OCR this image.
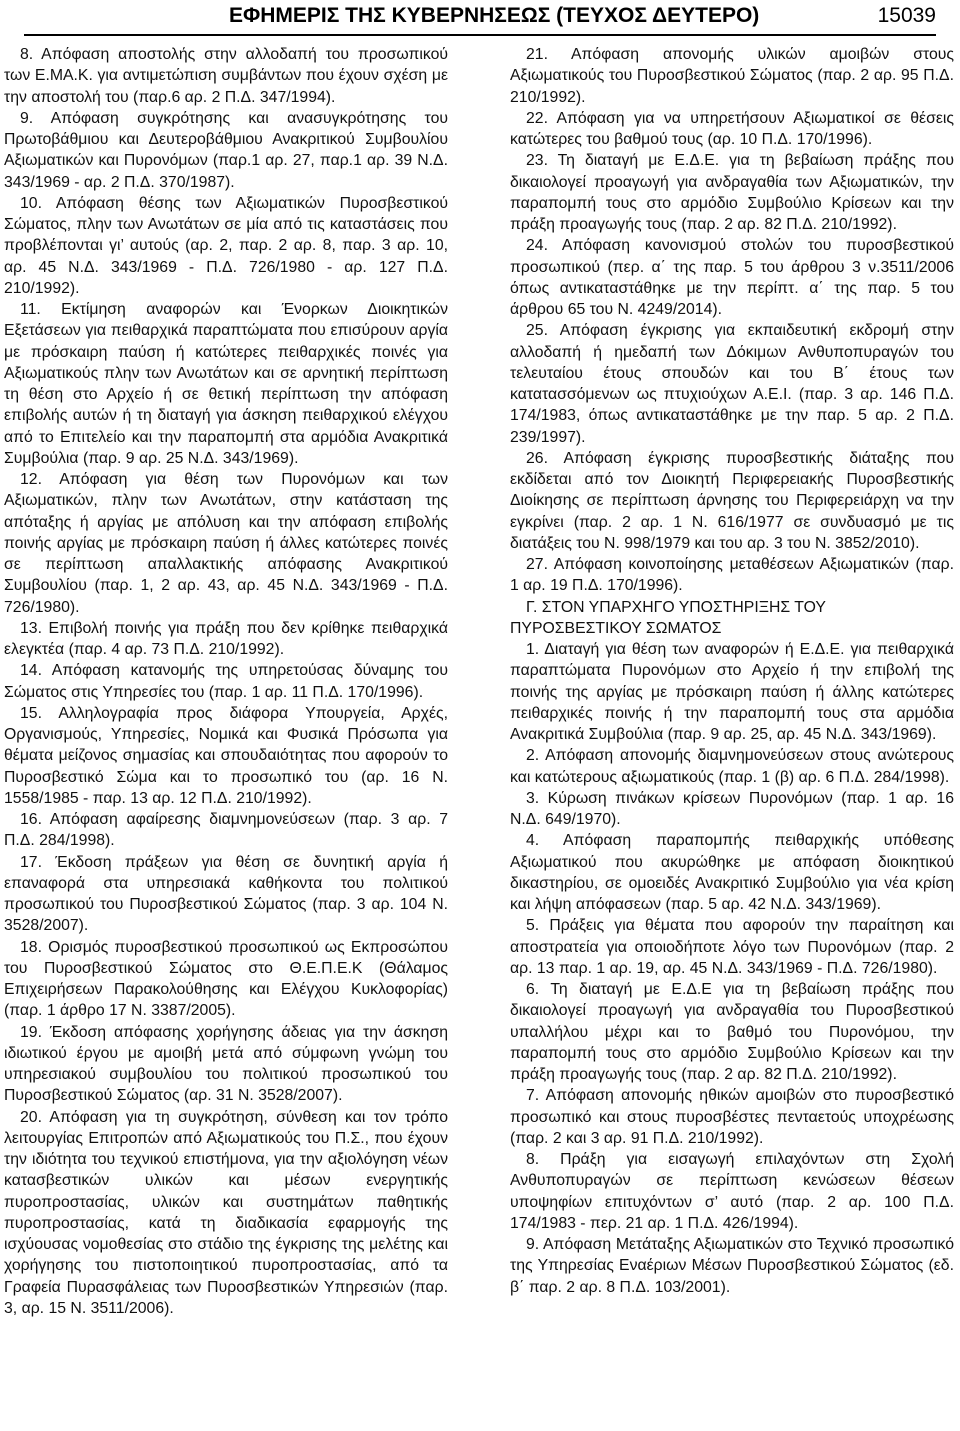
ΕΦΗΜΕΡΙΣ ΤΗΣ ΚΥΒΕΡΝΗΣΕΩΣ (ΤΕΥΧΟΣ ΔΕΥΤΕΡΟ)	15039

8. Απόφαση αποστολής στην αλλοδαπή του προσωπικού των Ε.ΜΑ.Κ. για αντιμετώπιση συμβάντων που έχουν σχέση με την αποστολή του (παρ.6 αρ. 2 Π.Δ. 347/1994).

9. Απόφαση συγκρότησης και ανασυγκρότησης του Πρωτοβάθμιου και Δευτεροβάθμιου Ανακριτικού Συμβουλίου Αξιωματικών και Πυρονόμων (παρ.1 αρ. 27, παρ.1 αρ. 39 Ν.Δ. 343/1969 ‑ αρ. 2 Π.Δ. 370/1987).

10. Απόφαση θέσης των Αξιωματικών Πυροσβεστικού Σώματος, πλην των Ανωτάτων σε μία από τις καταστάσεις που προβλέπονται γι’ αυτούς (αρ. 2, παρ. 2 αρ. 8, παρ. 3 αρ. 10, αρ. 45 Ν.Δ. 343/1969 ‑ Π.Δ. 726/1980 ‑ αρ. 127 Π.Δ. 210/1992).

11. Εκτίμηση αναφορών και Ένορκων Διοικητικών Εξετάσεων για πειθαρχικά παραπτώματα που επισύρουν αργία με πρόσκαιρη παύση ή κατώτερες πειθαρχικές ποινές για Αξιωματικούς πλην των Ανωτάτων και σε αρνητική περίπτωση τη θέση στο Αρχείο ή σε θετική περίπτωση την απόφαση επιβολής αυτών ή τη διαταγή για άσκηση πειθαρχικού ελέγχου από το Επιτελείο και την παραπομπή στα αρμόδια Ανακριτικά Συμβούλια (παρ. 9 αρ. 25 Ν.Δ. 343/1969).

12. Απόφαση για θέση των Πυρονόμων και των Αξιωματικών, πλην των Ανωτάτων, στην κατάσταση της απόταξης ή αργίας με απόλυση και την απόφαση επιβολής ποινής αργίας με πρόσκαιρη παύση ή άλλες κατώτερες ποινές σε περίπτωση απαλλακτικής απόφασης Ανακριτικού Συμβουλίου (παρ. 1, 2 αρ. 43, αρ. 45 Ν.Δ. 343/1969 ‑ Π.Δ. 726/1980).

13. Επιβολή ποινής για πράξη που δεν κρίθηκε πειθαρχικά ελεγκτέα (παρ. 4 αρ. 73 Π.Δ. 210/1992).

14. Απόφαση κατανομής της υπηρετούσας δύναμης του Σώματος στις Υπηρεσίες του (παρ. 1 αρ. 11 Π.Δ. 170/1996).

15. Αλληλογραφία προς διάφορα Υπουργεία, Αρχές, Οργανισμούς, Υπηρεσίες, Νομικά και Φυσικά Πρόσωπα για θέματα μείζονος σημασίας και σπουδαιότητας που αφορούν το Πυροσβεστικό Σώμα και το προσωπικό του (αρ. 16 Ν. 1558/1985 ‑ παρ. 13 αρ. 12 Π.Δ. 210/1992).

16. Απόφαση αφαίρεσης διαμνημονεύσεων (παρ. 3 αρ. 7 Π.Δ. 284/1998).

17. Έκδοση πράξεων για θέση σε δυνητική αργία ή επαναφορά στα υπηρεσιακά καθήκοντα του πολιτικού προσωπικού του Πυροσβεστικού Σώματος (παρ. 3 αρ. 104 Ν. 3528/2007).

18. Ορισμός πυροσβεστικού προσωπικού ως Εκπροσώπου του Πυροσβεστικού Σώματος στο Θ.Ε.Π.Ε.Κ (Θάλαμος Επιχειρήσεων Παρακολούθησης και Ελέγχου Κυκλοφορίας) (παρ. 1 άρθρο 17 Ν. 3387/2005).

19. Έκδοση απόφασης χορήγησης άδειας για την άσκηση ιδιωτικού έργου με αμοιβή μετά από σύμφωνη γνώμη του υπηρεσιακού συμβουλίου του πολιτικού προσωπικού του Πυροσβεστικού Σώματος (αρ. 31 Ν. 3528/2007).

20. Απόφαση για τη συγκρότηση, σύνθεση και τον τρόπο λειτουργίας Επιτροπών από Αξιωματικούς του Π.Σ., που έχουν την ιδιότητα του τεχνικού επιστήμονα, για την αξιολόγηση νέων κατασβεστικών υλικών και μέσων ενεργητικής πυροπροστασίας, υλικών και συστημάτων παθητικής πυροπροστασίας, κατά τη διαδικασία εφαρμογής της ισχύουσας νομοθεσίας στο στάδιο της έγκρισης της μελέτης και χορήγησης του πιστοποιητικού πυροπροστασίας, από τα Γραφεία Πυρασφάλειας των Πυροσβεστικών Υπηρεσιών (παρ. 3, αρ. 15 Ν. 3511/2006).

21. Απόφαση απονομής υλικών αμοιβών στους Αξιωματικούς του Πυροσβεστικού Σώματος (παρ. 2 αρ. 95 Π.Δ. 210/1992).

22. Απόφαση για να υπηρετήσουν Αξιωματικοί σε θέσεις κατώτερες του βαθμού τους (αρ. 10 Π.Δ. 170/1996).

23. Τη διαταγή με Ε.Δ.Ε. για τη βεβαίωση πράξης που δικαιολογεί προαγωγή για ανδραγαθία των Αξιωματικών, την παραπομπή τους στο αρμόδιο Συμβούλιο Κρίσεων και την πράξη προαγωγής τους (παρ. 2 αρ. 82 Π.Δ. 210/1992).

24. Απόφαση κανονισμού στολών του πυροσβεστικού προσωπικού (περ. α΄ της παρ. 5 του άρθρου 3 ν.3511/2006 όπως αντικαταστάθηκε με την περίπτ. α΄ της παρ. 5 του άρθρου 65 του Ν. 4249/2014).

25. Απόφαση έγκρισης για εκπαιδευτική εκδρομή στην αλλοδαπή ή ημεδαπή των Δόκιμων Ανθυποπυραγών του τελευταίου έτους σπουδών και του Β΄ έτους των κατατασσόμενων ως πτυχιούχων Α.Ε.Ι. (παρ. 3 αρ. 146 Π.Δ. 174/1983, όπως αντικαταστάθηκε με την παρ. 5 αρ. 2 Π.Δ. 239/1997).

26. Απόφαση έγκρισης πυροσβεστικής διάταξης που εκδίδεται από τον Διοικητή Περιφερειακής Πυροσβεστικής Διοίκησης σε περίπτωση άρνησης του Περιφερειάρχη να την εγκρίνει (παρ. 2 αρ. 1 Ν. 616/1977 σε συνδυασμό με τις διατάξεις του Ν. 998/1979 και του αρ. 3 του Ν. 3852/2010).

27. Απόφαση κοινοποίησης μεταθέσεων Αξιωματικών (παρ. 1 αρ. 19 Π.Δ. 170/1996).

Γ. ΣΤΟΝ ΥΠΑΡΧΗΓΟ ΥΠΟΣΤΗΡΙΞΗΣ ΤΟΥ ΠΥΡΟΣΒΕΣΤΙΚΟΥ ΣΩΜΑΤΟΣ

1. Διαταγή για θέση των αναφορών ή Ε.Δ.Ε. για πειθαρχικά παραπτώματα Πυρονόμων στο Αρχείο ή την επιβολή της ποινής της αργίας με πρόσκαιρη παύση ή άλλης κατώτερες πειθαρχικές ποινής ή την παραπομπή τους στα αρμόδια Ανακριτικά Συμβούλια (παρ. 9 αρ. 25, αρ. 45 Ν.Δ. 343/1969).

2. Απόφαση απονομής διαμνημονεύσεων στους ανώτερους και κατώτερους αξιωματικούς (παρ. 1 (β) αρ. 6 Π.Δ. 284/1998).

3. Κύρωση πινάκων κρίσεων Πυρονόμων (παρ. 1 αρ. 16 Ν.Δ. 649/1970).

4. Απόφαση παραπομπής πειθαρχικής υπόθεσης Αξιωματικού που ακυρώθηκε με απόφαση διοικητικού δικαστηρίου, σε ομοειδές Ανακριτικό Συμβούλιο για νέα κρίση και λήψη απόφασεων (παρ. 5 αρ. 42 Ν.Δ. 343/1969).

5. Πράξεις για θέματα που αφορούν την παραίτηση και αποστρατεία για οποιοδήποτε λόγο των Πυρονόμων (παρ. 2 αρ. 13 παρ. 1 αρ. 19, αρ. 45 Ν.Δ. 343/1969 ‑ Π.Δ. 726/1980).

6. Τη διαταγή με Ε.Δ.Ε για τη βεβαίωση πράξης που δικαιολογεί προαγωγή για ανδραγαθία του Πυροσβεστικού υπαλλήλου μέχρι και το βαθμό του Πυρονόμου, την παραπομπή τους στο αρμόδιο Συμβούλιο Κρίσεων και την πράξη προαγωγής τους (παρ. 2 αρ. 82 Π.Δ. 210/1992).

7. Απόφαση απονομής ηθικών αμοιβών στο πυροσβεστικό προσωπικό και στους πυροσβέστες πενταετούς υποχρέωσης (παρ. 2 και 3 αρ. 91 Π.Δ. 210/1992).

8. Πράξη για εισαγωγή επιλαχόντων στη Σχολή Ανθυποπυραγών σε περίπτωση κενώσεων θέσεων υποψηφίων επιτυχόντων σ’ αυτό (παρ. 2 αρ. 100 Π.Δ. 174/1983 ‑ περ. 21 αρ. 1 Π.Δ. 426/1994).

9. Απόφαση Μετάταξης Αξιωματικών στο Τεχνικό προσωπικό της Υπηρεσίας Εναέριων Μέσων Πυροσβεστικού Σώματος (εδ. β΄ παρ. 2 αρ. 8 Π.Δ. 103/2001).
